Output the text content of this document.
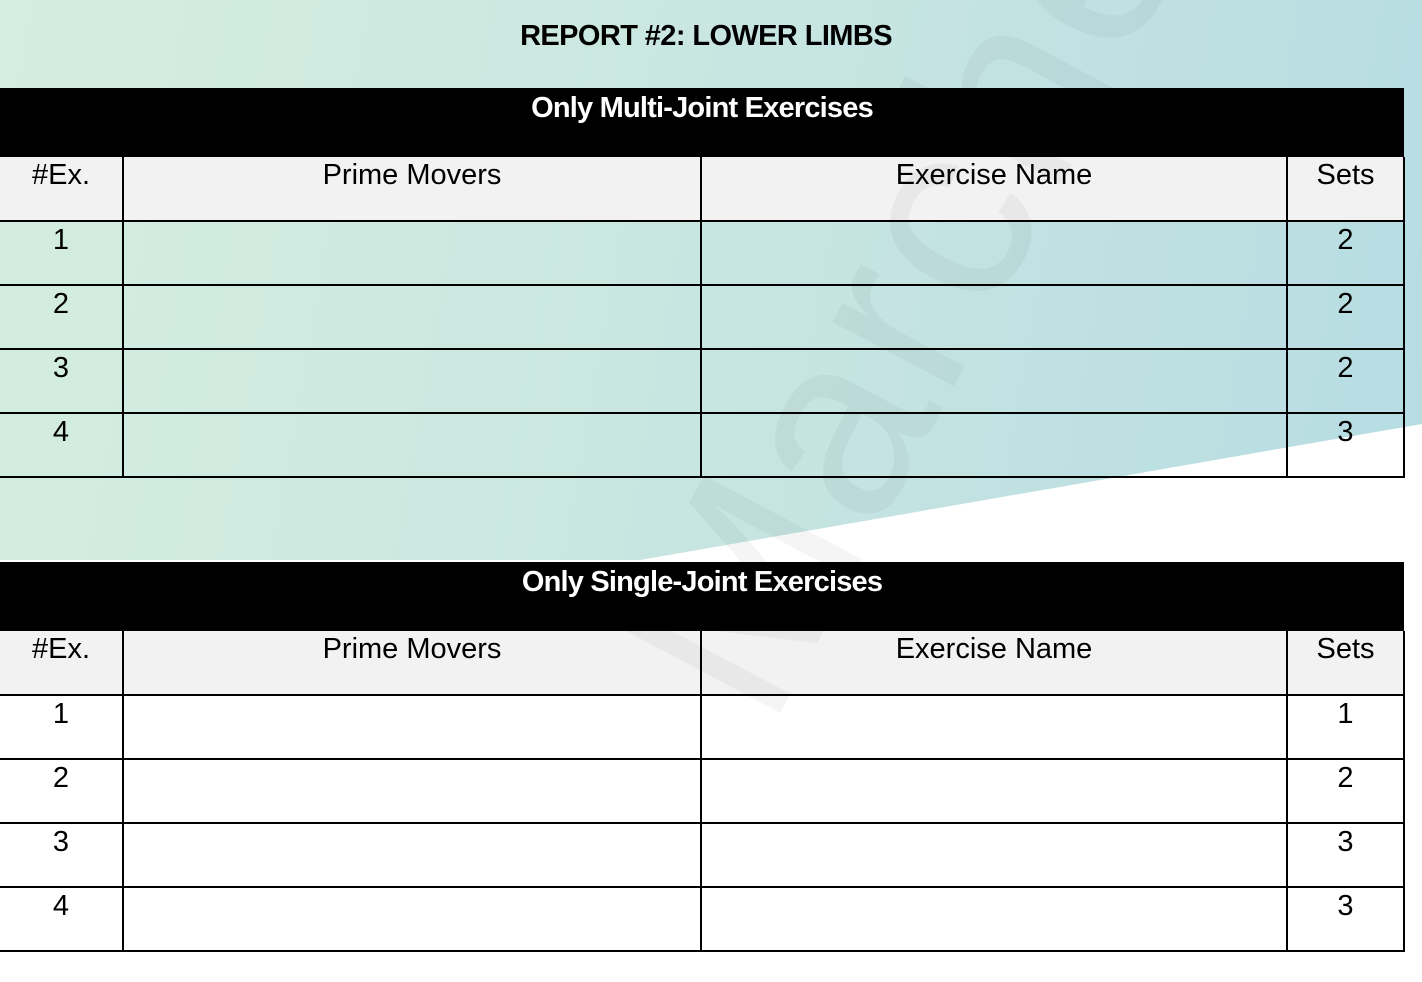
REPORT #2: LOWER LIMBS
Only Multi-Joint Exercises
#Ex.	Prime Movers	Exercise Name	Sets
1			2
2			2
3			2
4			3
Only Single-Joint Exercises
#Ex.	Prime Movers	Exercise Name	Sets
1			1
2			2
3			3
4			3
